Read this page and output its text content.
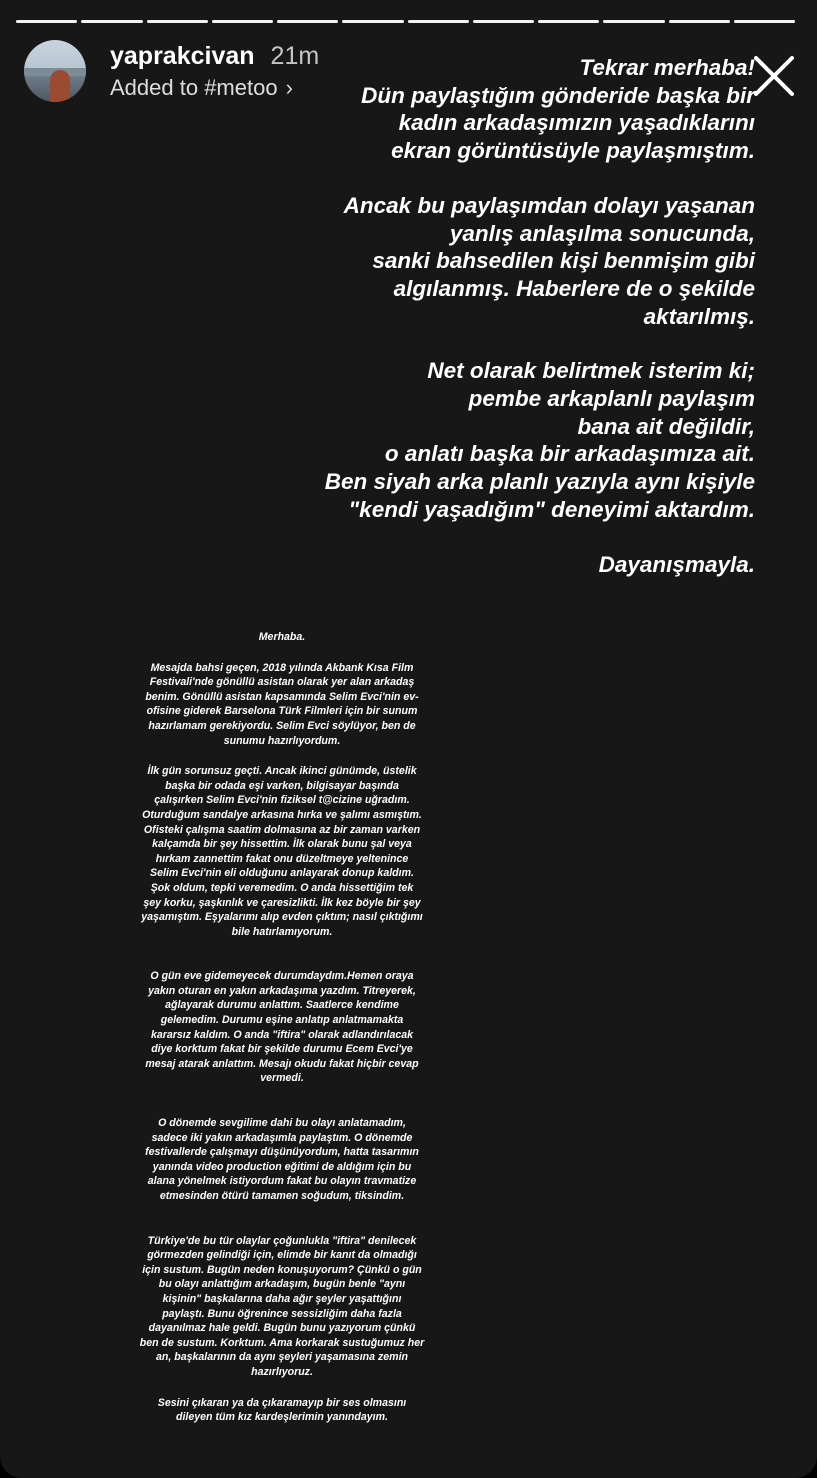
yaprakcivan 21m
Added to #metoo ›

Tekrar merhaba!

Dün paylaştığım gönderide başka bir

kadın arkadaşımızın yaşadıklarını

ekran görüntüsüyle paylaşmıştım.

Ancak bu paylaşımdan dolayı yaşanan

yanlış anlaşılma sonucunda,

sanki bahsedilen kişi benmişim gibi

algılanmış. Haberlere de o şekilde

aktarılmış.

Net olarak belirtmek isterim ki;

pembe arkaplanlı paylaşım

bana ait değildir,

o anlatı başka bir arkadaşımıza ait.

Ben siyah arka planlı yazıyla aynı kişiyle

"kendi yaşadığım" deneyimi aktardım.

Dayanışmayla.

Merhaba.

Mesajda bahsi geçen, 2018 yılında Akbank Kısa Film

Festivali'nde gönüllü asistan olarak yer alan arkadaş

benim. Gönüllü asistan kapsamında Selim Evci'nin ev-

ofisine giderek Barselona Türk Filmleri için bir sunum

hazırlamam gerekiyordu. Selim Evci söylüyor, ben de

sunumu hazırlıyordum.

İlk gün sorunsuz geçti. Ancak ikinci günümde, üstelik

başka bir odada eşi varken, bilgisayar başında

çalışırken Selim Evci'nin fiziksel t@cizine uğradım.

Oturduğum sandalye arkasına hırka ve şalımı asmıştım.

Ofisteki çalışma saatim dolmasına az bir zaman varken

kalçamda bir şey hissettim. İlk olarak bunu şal veya

hırkam zannettim fakat onu düzeltmeye yeltenince

Selim Evci'nin eli olduğunu anlayarak donup kaldım.

Şok oldum, tepki veremedim. O anda hissettiğim tek

şey korku, şaşkınlık ve çaresizlikti. İlk kez böyle bir şey

yaşamıştım. Eşyalarımı alıp evden çıktım; nasıl çıktığımı

bile hatırlamıyorum.

O gün eve gidemeyecek durumdaydım.Hemen oraya

yakın oturan en yakın arkadaşıma yazdım. Titreyerek,

ağlayarak durumu anlattım. Saatlerce kendime

gelemedim. Durumu eşine anlatıp anlatmamakta

kararsız kaldım. O anda "iftira" olarak adlandırılacak

diye korktum fakat bir şekilde durumu Ecem Evci'ye

mesaj atarak anlattım. Mesajı okudu fakat hiçbir cevap

vermedi.

O dönemde sevgilime dahi bu olayı anlatamadım,

sadece iki yakın arkadaşımla paylaştım. O dönemde

festivallerde çalışmayı düşünüyordum, hatta tasarımın

yanında video production eğitimi de aldığım için bu

alana yönelmek istiyordum fakat bu olayın travmatize

etmesinden ötürü tamamen soğudum, tiksindim.

Türkiye'de bu tür olaylar çoğunlukla "iftira" denilecek

görmezden gelindiği için, elimde bir kanıt da olmadığı

için sustum. Bugün neden konuşuyorum? Çünkü o gün

bu olayı anlattığım arkadaşım, bugün benle "aynı

kişinin" başkalarına daha ağır şeyler yaşattığını

paylaştı. Bunu öğrenince sessizliğim daha fazla

dayanılmaz hale geldi. Bugün bunu yazıyorum çünkü

ben de sustum. Korktum. Ama korkarak sustuğumuz her

an, başkalarının da aynı şeyleri yaşamasına zemin

hazırlıyoruz.

Sesini çıkaran ya da çıkaramayıp bir ses olmasını

dileyen tüm kız kardeşlerimin yanındayım.
